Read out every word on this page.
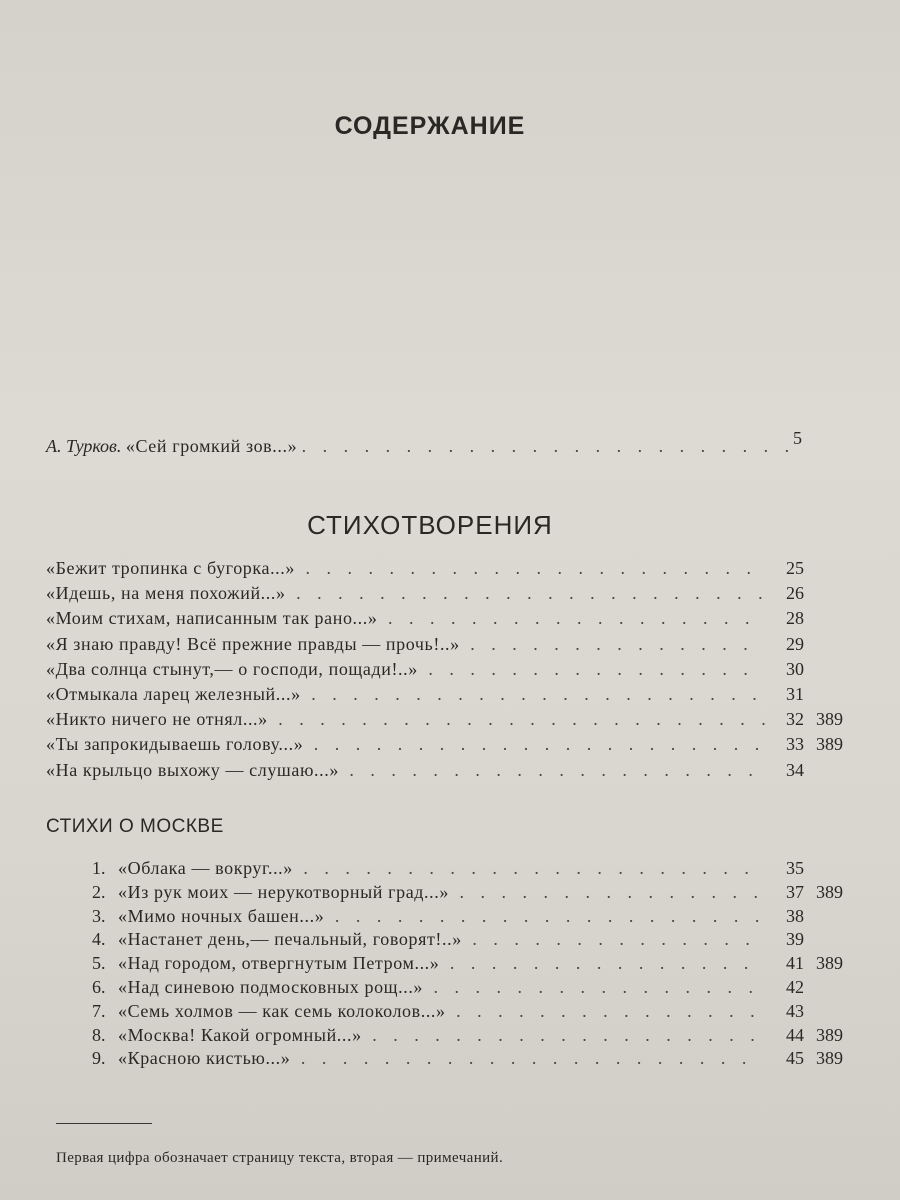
СОДЕРЖАНИЕ
А. Турков. «Сей громкий зов...» . . . . . . . . . . . . . . . . . . . . . . . .
5
СТИХОТВОРЕНИЯ
«Бежит тропинка с бугорка...» . . . . . . . . . . . . . . . . . . . . . . 25
«Идешь, на меня похожий...» . . . . . . . . . . . . . . . . . . . . . . . 26
«Моим стихам, написанным так рано...» . . . . . . . . . . . . . . . . . . 28
«Я знаю правду! Всё прежние правды — прочь!..» . . . . . . . . . . . . . . 29
«Два солнца стынут,— о господи, пощади!..» . . . . . . . . . . . . . . . . 30
«Отмыкала ларец железный...» . . . . . . . . . . . . . . . . . . . . . . 31
«Никто ничего не отнял...» . . . . . . . . . . . . . . . . . . . . . . . . 32 389
«Ты запрокидываешь голову...» . . . . . . . . . . . . . . . . . . . . . . 33 389
«На крыльцо выхожу — слушаю...» . . . . . . . . . . . . . . . . . . . . 34
СТИХИ О МОСКВЕ
1. «Облака — вокруг...» . . . . . . . . . . . . . . . . . . . . . . 35
2. «Из рук моих — нерукотворный град...» . . . . . . . . . . . . . . . 37 389
3. «Мимо ночных башен...» . . . . . . . . . . . . . . . . . . . . . 38
4. «Настанет день,— печальный, говорят!..» . . . . . . . . . . . . . . 39
5. «Над городом, отвергнутым Петром...» . . . . . . . . . . . . . . . 41 389
6. «Над синевою подмосковных рощ...» . . . . . . . . . . . . . . . . 42
7. «Семь холмов — как семь колоколов...» . . . . . . . . . . . . . . . 43
8. «Москва! Какой огромный...» . . . . . . . . . . . . . . . . . . . 44 389
9. «Красною кистью...» . . . . . . . . . . . . . . . . . . . . . . 45 389
Первая цифра обозначает страницу текста, вторая — примечаний.
